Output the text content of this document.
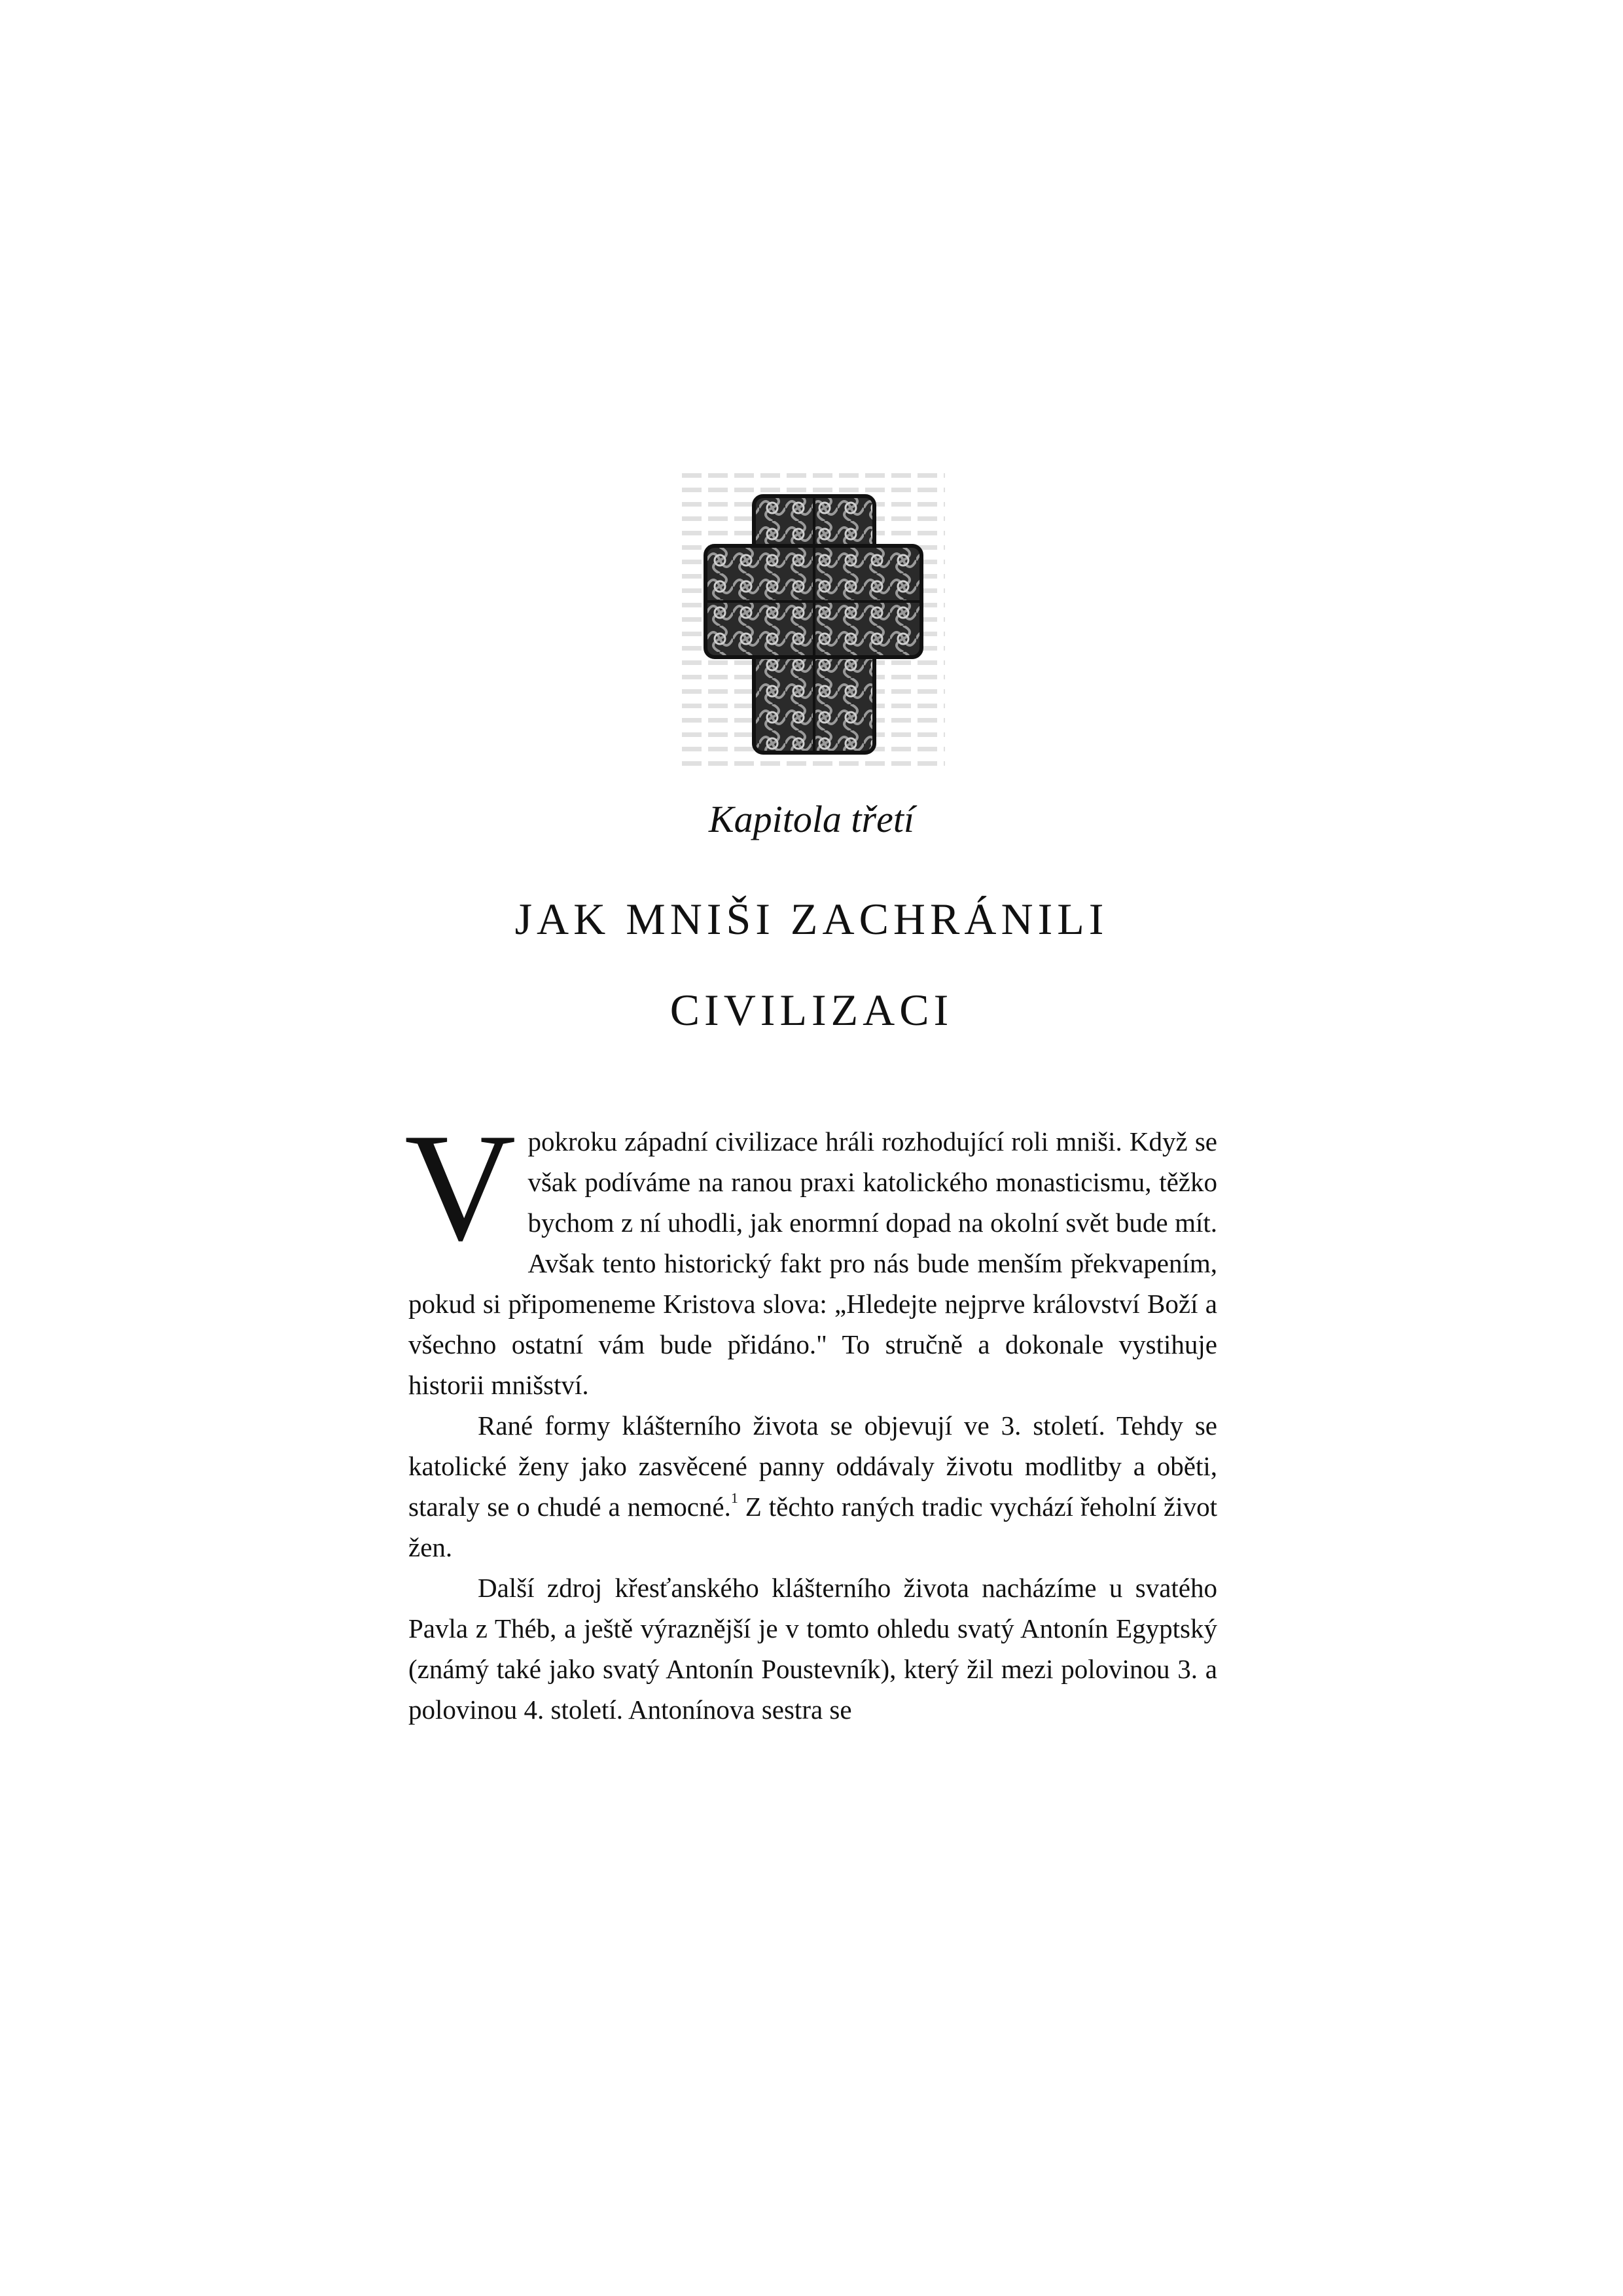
Kapitola třetí
JAK MNIŠI ZACHRÁNILI
CIVILIZACI

Vpokroku západní civilizace hráli rozhodující roli mniši. Když se však podíváme na ranou praxi katolického monasticismu, těžko bychom z ní uhodli, jak enormní dopad na okolní svět bude mít. Avšak tento historický fakt pro nás bude menším překvapením, pokud si připomeneme Kristova slova: „Hledejte nejprve království Boží a všechno ostatní vám bude přidáno." To stručně a dokonale vystihuje historii mnišství.

Rané formy klášterního života se objevují ve 3. století. Tehdy se katolické ženy jako zasvěcené panny oddávaly životu modlitby a oběti, staraly se o chudé a nemocné.$^1$ Z těchto raných tradic vychází řeholní život žen.

Další zdroj křesťanského klášterního života nacházíme u svatého Pavla z Théb, a ještě výraznější je v tomto ohledu svatý Antonín Egyptský (známý také jako svatý Antonín Poustevník), který žil mezi polovinou 3. a polovinou 4. století. Antonínova sestra se
